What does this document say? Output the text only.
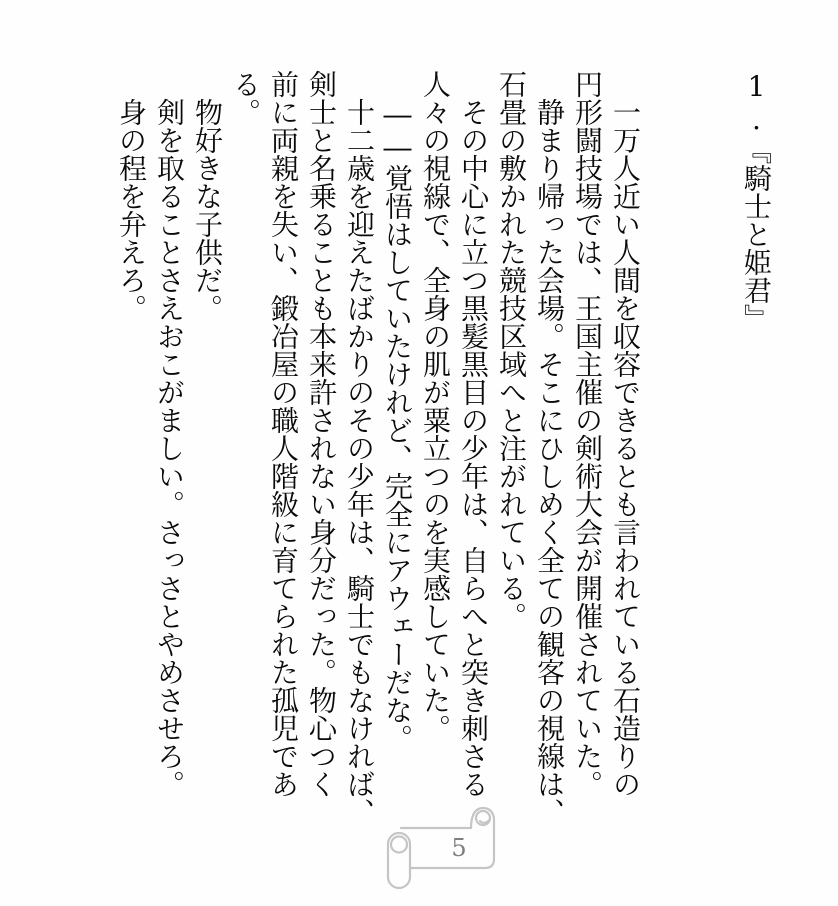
1.『騎士と姫君』
　一万人近い人間を収容できるとも言われている石造りの
円形闘技場では、王国主催の剣術大会が開催されていた。
　静まり帰った会場。そこにひしめく全ての観客の視線は、
石畳の敷かれた競技区域へと注がれている。
　その中心に立つ黒髪黒目の少年は、自らへと突き刺さる
人々の視線で、全身の肌が粟立つのを実感していた。
　――覚悟はしていたけれど、完全にアウェーだな。
　十二歳を迎えたばかりのその少年は、騎士でもなければ、
剣士と名乗ることも本来許されない身分だった。物心つく
前に両親を失い、鍛冶屋の職人階級に育てられた孤児であ
る。
　物好きな子供だ。
　剣を取ることさえおこがましい。さっさとやめさせろ。
　身の程を弁えろ。
5
